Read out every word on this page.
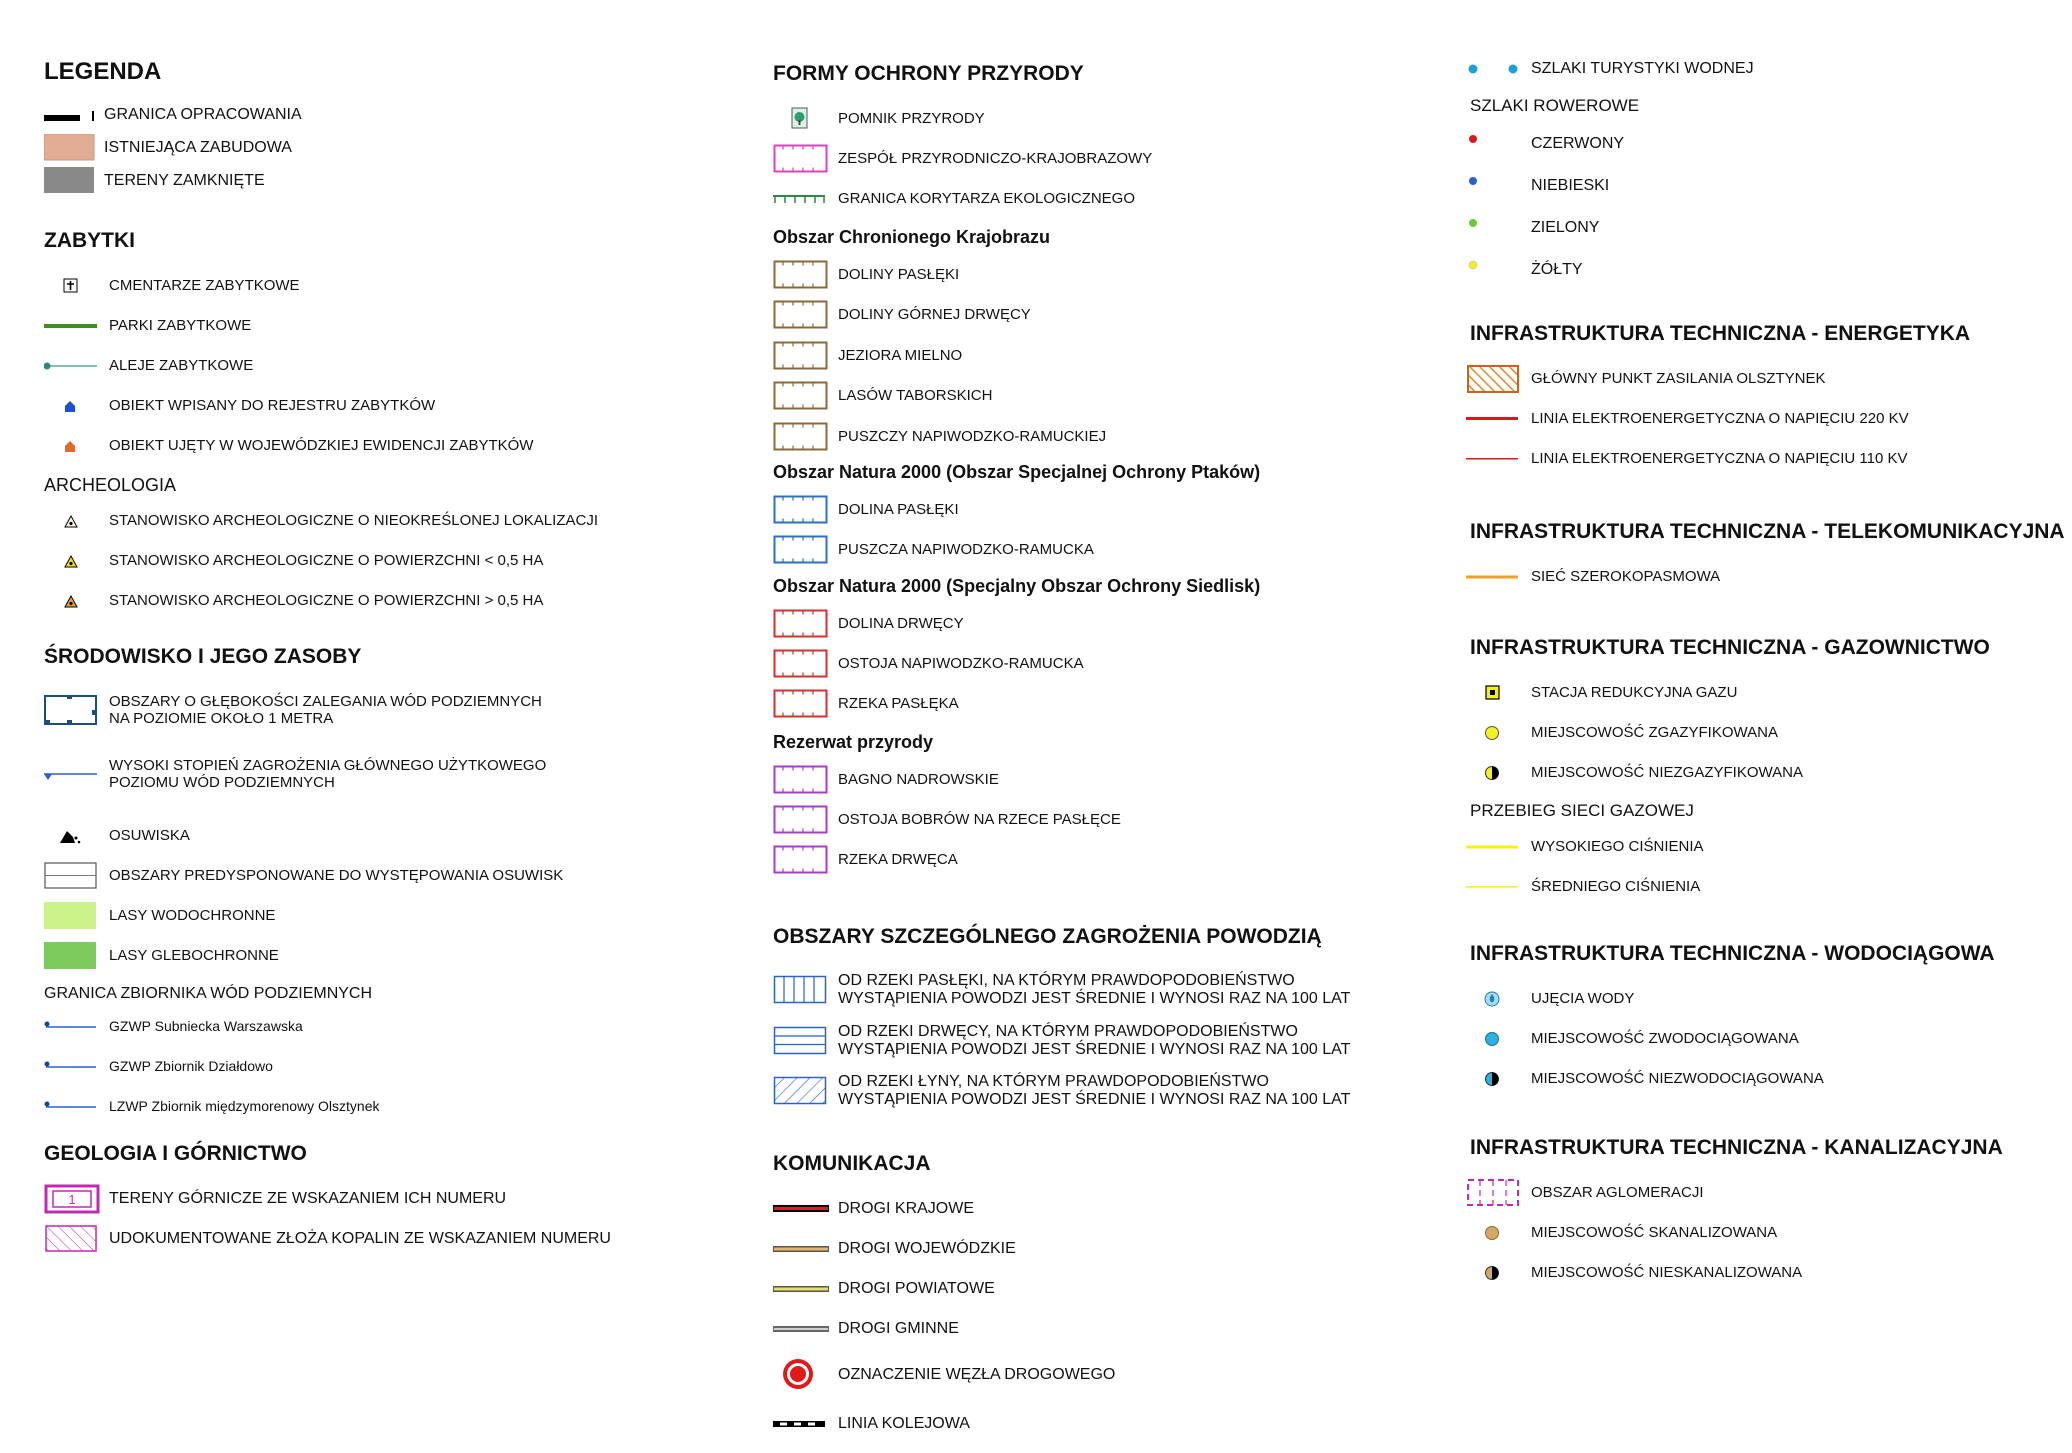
LEGENDA
GRANICA OPRACOWANIA
ISTNIEJĄCA ZABUDOWA
TERENY ZAMKNIĘTE
ZABYTKI
CMENTARZE ZABYTKOWE
PARKI ZABYTKOWE
ALEJE ZABYTKOWE
OBIEKT WPISANY DO REJESTRU ZABYTKÓW
OBIEKT UJĘTY W WOJEWÓDZKIEJ EWIDENCJI ZABYTKÓW
ARCHEOLOGIA
STANOWISKO ARCHEOLOGICZNE O NIEOKREŚLONEJ LOKALIZACJI
STANOWISKO ARCHEOLOGICZNE O POWIERZCHNI < 0,5 HA
STANOWISKO ARCHEOLOGICZNE O POWIERZCHNI > 0,5 HA
ŚRODOWISKO I JEGO ZASOBY
OBSZARY O GŁĘBOKOŚCI ZALEGANIA WÓD PODZIEMNYCH
NA POZIOMIE OKOŁO 1 METRA
WYSOKI STOPIEŃ ZAGROŻENIA GŁÓWNEGO UŻYTKOWEGO
POZIOMU WÓD PODZIEMNYCH
OSUWISKA
OBSZARY PREDYSPONOWANE DO WYSTĘPOWANIA OSUWISK
LASY WODOCHRONNE
LASY GLEBOCHRONNE
GRANICA ZBIORNIKA WÓD PODZIEMNYCH
GZWP Subniecka Warszawska
GZWP Zbiornik Działdowo
LZWP Zbiornik międzymorenowy Olsztynek
GEOLOGIA I GÓRNICTWO
1 TERENY GÓRNICZE ZE WSKAZANIEM ICH NUMERU
UDOKUMENTOWANE ZŁOŻA KOPALIN ZE WSKAZANIEM NUMERU
FORMY OCHRONY PRZYRODY
POMNIK PRZYRODY
ZESPÓŁ PRZYRODNICZO-KRAJOBRAZOWY
GRANICA KORYTARZA EKOLOGICZNEGO
Obszar Chronionego Krajobrazu
DOLINY PASŁĘKI
DOLINY GÓRNEJ DRWĘCY
JEZIORA MIELNO
LASÓW TABORSKICH
PUSZCZY NAPIWODZKO-RAMUCKIEJ
Obszar Natura 2000 (Obszar Specjalnej Ochrony Ptaków)
DOLINA PASŁĘKI
PUSZCZA NAPIWODZKO-RAMUCKA
Obszar Natura 2000 (Specjalny Obszar Ochrony Siedlisk)
DOLINA DRWĘCY
OSTOJA NAPIWODZKO-RAMUCKA
RZEKA PASŁĘKA
Rezerwat przyrody
BAGNO NADROWSKIE
OSTOJA BOBRÓW NA RZECE PASŁĘCE
RZEKA DRWĘCA
OBSZARY SZCZEGÓLNEGO ZAGROŻENIA POWODZIĄ
OD RZEKI PASŁĘKI, NA KTÓRYM PRAWDOPODOBIEŃSTWO
WYSTĄPIENIA POWODZI JEST ŚREDNIE I WYNOSI RAZ NA 100 LAT
OD RZEKI DRWĘCY, NA KTÓRYM PRAWDOPODOBIEŃSTWO
WYSTĄPIENIA POWODZI JEST ŚREDNIE I WYNOSI RAZ NA 100 LAT
OD RZEKI ŁYNY, NA KTÓRYM PRAWDOPODOBIEŃSTWO
WYSTĄPIENIA POWODZI JEST ŚREDNIE I WYNOSI RAZ NA 100 LAT
KOMUNIKACJA
DROGI KRAJOWE
DROGI WOJEWÓDZKIE
DROGI POWIATOWE
DROGI GMINNE
OZNACZENIE WĘZŁA DROGOWEGO
LINIA KOLEJOWA
SZLAKI TURYSTYKI WODNEJ
SZLAKI ROWEROWE
CZERWONY
NIEBIESKI
ZIELONY
ŻÓŁTY
INFRASTRUKTURA TECHNICZNA - ENERGETYKA
GŁÓWNY PUNKT ZASILANIA OLSZTYNEK
LINIA ELEKTROENERGETYCZNA O NAPIĘCIU 220 KV
LINIA ELEKTROENERGETYCZNA O NAPIĘCIU 110 KV
INFRASTRUKTURA TECHNICZNA - TELEKOMUNIKACYJNA
SIEĆ SZEROKOPASMOWA
INFRASTRUKTURA TECHNICZNA - GAZOWNICTWO
STACJA REDUKCYJNA GAZU
MIEJSCOWOŚĆ ZGAZYFIKOWANA
MIEJSCOWOŚĆ NIEZGAZYFIKOWANA
PRZEBIEG SIECI GAZOWEJ
WYSOKIEGO CIŚNIENIA
ŚREDNIEGO CIŚNIENIA
INFRASTRUKTURA TECHNICZNA - WODOCIĄGOWA
UJĘCIA WODY
MIEJSCOWOŚĆ ZWODOCIĄGOWANA
MIEJSCOWOŚĆ NIEZWODOCIĄGOWANA
INFRASTRUKTURA TECHNICZNA - KANALIZACYJNA
OBSZAR AGLOMERACJI
MIEJSCOWOŚĆ SKANALIZOWANA
MIEJSCOWOŚĆ NIESKANALIZOWANA
